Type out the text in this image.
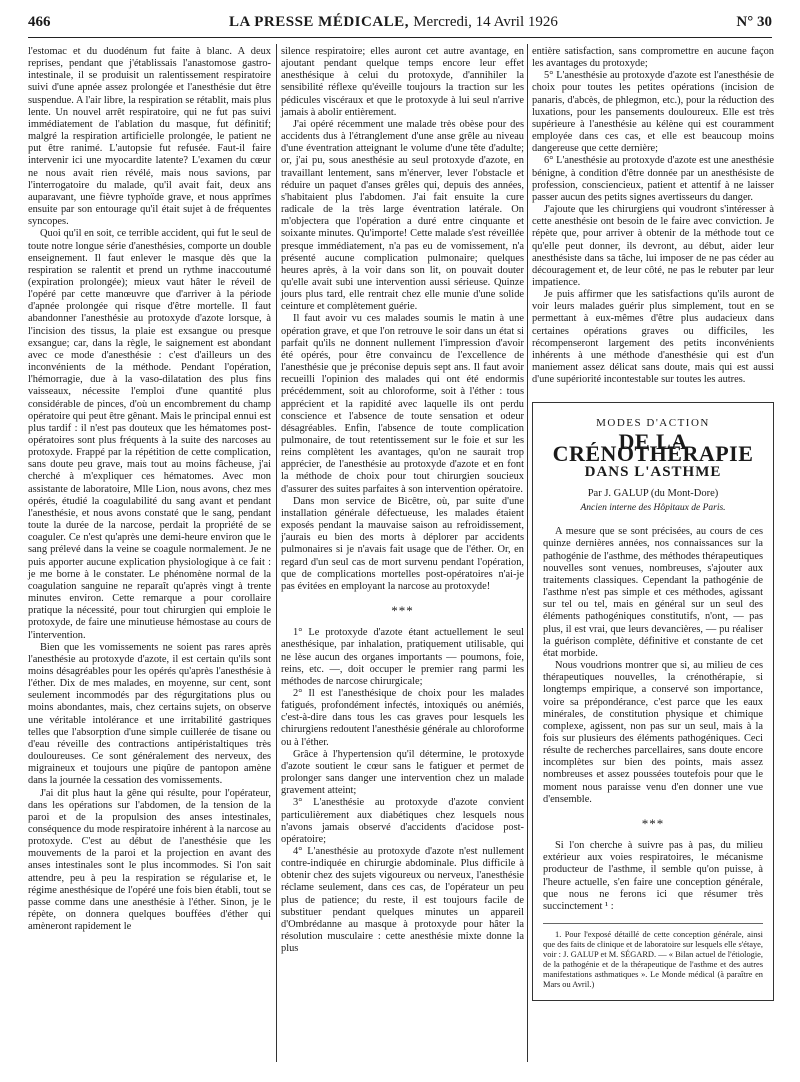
466	LA PRESSE MÉDICALE, Mercredi, 14 Avril 1926	N° 30

l'estomac et du duodénum fut faite à blanc. A deux reprises, pendant que j'établissais l'anastomose gastro-intestinale, il se produisit un ralentissement respiratoire suivi d'une apnée assez prolongée et l'anesthésie dut être suspendue. A l'air libre, la respiration se rétablit, mais plus lente. Un nouvel arrêt respiratoire, qui ne fut pas suivi immédiatement de l'ablation du masque, fut définitif; malgré la respiration artificielle prolongée, le patient ne put être ranimé. L'autopsie fut refusée. Faut-il faire intervenir ici une myocardite latente? L'examen du cœur ne nous avait rien révélé, mais nous savions, par l'interrogatoire du malade, qu'il avait fait, deux ans auparavant, une fièvre typhoïde grave, et nous apprîmes ensuite par son entourage qu'il était sujet à de fréquentes syncopes.

Quoi qu'il en soit, ce terrible accident, qui fut le seul de toute notre longue série d'anesthésies, comporte un double enseignement. Il faut enlever le masque dès que la respiration se ralentit et prend un rythme inaccoutumé (expiration prolongée); mieux vaut hâter le réveil de l'opéré par cette manœuvre que d'arriver à la période d'apnée prolongée qui risque d'être mortelle. Il faut abandonner l'anesthésie au protoxyde d'azote lorsque, à l'incision des tissus, la plaie est exsangue ou presque exsangue; car, dans la règle, le saignement est abondant avec ce mode d'anesthésie : c'est d'ailleurs un des inconvénients de la méthode. Pendant l'opération, l'hémorragie, due à la vaso-dilatation des plus fins vaisseaux, nécessite l'emploi d'une quantité plus considérable de pinces, d'où un encombrement du champ opératoire qui peut être gênant. Mais le principal ennui est plus tardif : il n'est pas douteux que les hématomes post-opératoires sont plus fréquents à la suite des narcoses au protoxyde. Frappé par la répétition de cette complication, sans doute peu grave, mais tout au moins fâcheuse, j'ai cherché à m'expliquer ces hématomes. Avec mon assistante de laboratoire, Mlle Lion, nous avons, chez mes opérés, étudié la coagulabilité du sang avant et pendant l'anesthésie, et nous avons constaté que le sang, pendant toute la durée de la narcose, perdait la propriété de se coaguler. Ce n'est qu'après une demi-heure environ que le sang prélevé dans la veine se coagule normalement. Je ne puis apporter aucune explication physiologique à ce fait : je me borne à le constater. Le phénomène normal de la coagulation sanguine ne reparaît qu'après vingt à trente minutes environ. Cette remarque a pour corollaire pratique la nécessité, pour tout chirurgien qui emploie le protoxyde, de faire une minutieuse hémostase au cours de l'intervention.

Bien que les vomissements ne soient pas rares après l'anesthésie au protoxyde d'azote, il est certain qu'ils sont moins désagréables pour les opérés qu'après l'anesthésie à l'éther. Dix de mes malades, en moyenne, sur cent, sont seulement incommodés par des régurgitations plus ou moins abondantes, mais, chez certains sujets, on observe une véritable intolérance et une irritabilité gastriques telles que l'absorption d'une simple cuillerée de tisane ou d'eau réveille des contractions antipéristaltiques très douloureuses. Ce sont généralement des nerveux, des migraineux et toujours une piqûre de pantopon amène dans la journée la cessation des vomissements.

J'ai dit plus haut la gêne qui résulte, pour l'opérateur, dans les opérations sur l'abdomen, de la tension de la paroi et de la propulsion des anses intestinales, conséquence du mode respiratoire inhérent à la narcose au protoxyde. C'est au début de l'anesthésie que les mouvements de la paroi et la projection en avant des anses intestinales sont le plus incommodes. Si l'on sait attendre, peu à peu la respiration se régularise et, le régime anesthésique de l'opéré une fois bien établi, tout se passe comme dans une anesthésie à l'éther. Sinon, je le répète, on donnera quelques bouffées d'éther qui amèneront rapidement le

silence respiratoire; elles auront cet autre avantage, en ajoutant pendant quelque temps encore leur effet anesthésique à celui du protoxyde, d'annihiler la sensibilité réflexe qu'éveille toujours la traction sur les pédicules viscéraux et que le protoxyde à lui seul n'arrive jamais à abolir entièrement.

J'ai opéré récemment une malade très obèse pour des accidents dus à l'étranglement d'une anse grêle au niveau d'une éventration atteignant le volume d'une tête d'adulte; or, j'ai pu, sous anesthésie au seul protoxyde d'azote, en travaillant lentement, sans m'énerver, lever l'obstacle et réduire un paquet d'anses grêles qui, depuis des années, s'habitaient plus l'abdomen. J'ai fait ensuite la cure radicale de la très large éventration latérale. On m'objectera que l'opération a duré entre cinquante et soixante minutes. Qu'importe! Cette malade s'est réveillée presque immédiatement, n'a pas eu de vomissement, n'a présenté aucune complication pulmonaire; quelques heures après, à la voir dans son lit, on pouvait douter qu'elle avait subi une intervention aussi sérieuse. Quinze jours plus tard, elle rentrait chez elle munie d'une solide ceinture et complètement guérie.

Il faut avoir vu ces malades soumis le matin à une opération grave, et que l'on retrouve le soir dans un état si parfait qu'ils ne donnent nullement l'impression d'avoir été opérés, pour être convaincu de l'excellence de l'anesthésie que je préconise depuis sept ans. Il faut avoir recueilli l'opinion des malades qui ont été endormis précédemment, soit au chloroforme, soit à l'éther : tous apprécient et la rapidité avec laquelle ils ont perdu conscience et l'absence de toute sensation et odeur désagréables. Enfin, l'absence de toute complication pulmonaire, de tout retentissement sur le foie et sur les reins complètent les avantages, qu'on ne saurait trop apprécier, de l'anesthésie au protoxyde d'azote et en font la méthode de choix pour tout chirurgien soucieux d'assurer des suites parfaites à son intervention opératoire.

Dans mon service de Bicêtre, où, par suite d'une installation générale défectueuse, les malades étaient exposés pendant la mauvaise saison au refroidissement, j'aurais eu bien des morts à déplorer par accidents pulmonaires si je n'avais fait usage que de l'éther. Or, en regard d'un seul cas de mort survenu pendant l'opération, que de complications mortelles post-opératoires n'ai-je pas évitées en employant la narcose au protoxyde!

***

1° Le protoxyde d'azote étant actuellement le seul anesthésique, par inhalation, pratiquement utilisable, qui ne lèse aucun des organes importants — poumons, foie, reins, etc. —, doit occuper le premier rang parmi les méthodes de narcose chirurgicale;

2° Il est l'anesthésique de choix pour les malades fatigués, profondément infectés, intoxiqués ou anémiés, c'est-à-dire dans tous les cas graves pour lesquels les chirurgiens redoutent l'anesthésie générale au chloroforme ou à l'éther.

Grâce à l'hypertension qu'il détermine, le protoxyde d'azote soutient le cœur sans le fatiguer et permet de prolonger sans danger une intervention chez un malade gravement atteint;

3° L'anesthésie au protoxyde d'azote convient particulièrement aux diabétiques chez lesquels nous n'avons jamais observé d'accidents d'acidose post-opératoire;

4° L'anesthésie au protoxyde d'azote n'est nullement contre-indiquée en chirurgie abdominale. Plus difficile à obtenir chez des sujets vigoureux ou nerveux, l'anesthésie réclame seulement, dans ces cas, de l'opérateur un peu plus de patience; du reste, il est toujours facile de substituer pendant quelques minutes un appareil d'Ombrédanne au masque à protoxyde pour hâter la résolution musculaire : cette anesthésie mixte donne la plus

entière satisfaction, sans compromettre en aucune façon les avantages du protoxyde;

5° L'anesthésie au protoxyde d'azote est l'anesthésie de choix pour toutes les petites opérations (incision de panaris, d'abcès, de phlegmon, etc.), pour la réduction des luxations, pour les pansements douloureux. Elle est très supérieure à l'anesthésie au kélène qui est couramment employée dans ces cas, et elle est beaucoup moins dangereuse que cette dernière;

6° L'anesthésie au protoxyde d'azote est une anesthésie bénigne, à condition d'être donnée par un anesthésiste de profession, consciencieux, patient et attentif à ne laisser passer aucun des petits signes avertisseurs du danger.

J'ajoute que les chirurgiens qui voudront s'intéresser à cette anesthésie ont besoin de le faire avec conviction. Je répète que, pour arriver à obtenir de la méthode tout ce qu'elle peut donner, ils devront, au début, aider leur anesthésiste dans sa tâche, lui imposer de ne pas céder au découragement et, de leur côté, ne pas le rebuter par leur impatience.

Je puis affirmer que les satisfactions qu'ils auront de voir leurs malades guérir plus simplement, tout en se permettant à eux-mêmes d'être plus audacieux dans certaines opérations graves ou difficiles, les récompenseront largement des petits inconvénients inhérents à une méthode d'anesthésie qui est d'un maniement assez délicat sans doute, mais qui est aussi d'une supériorité incontestable sur toutes les autres.

MODES D'ACTION
DE LA CRÉNOTHÉRAPIE
DANS L'ASTHME
Par J. GALUP (du Mont-Dore)
Ancien interne des Hôpitaux de Paris.

A mesure que se sont précisées, au cours de ces quinze dernières années, nos connaissances sur la pathogénie de l'asthme, des méthodes thérapeutiques nouvelles sont venues, nombreuses, s'ajouter aux traitements classiques. Cependant la pathogénie de l'asthme n'est pas simple et ces méthodes, agissant sur tel ou tel, mais en général sur un seul des éléments pathogéniques constitutifs, n'ont, — pas plus, il est vrai, que leurs devancières, — pu réaliser la guérison complète, définitive et constante de cet état morbide.

Nous voudrions montrer que si, au milieu de ces thérapeutiques nouvelles, la crénothérapie, si longtemps empirique, a conservé son importance, voire sa prépondérance, c'est parce que les eaux minérales, de constitution physique et chimique complexe, agissent, non pas sur un seul, mais à la fois sur plusieurs des éléments pathogéniques. Ceci résulte de recherches parcellaires, sans doute encore incomplètes sur bien des points, mais assez nombreuses et assez poussées toutefois pour que le moment nous paraisse venu d'en donner une vue d'ensemble.

***

Si l'on cherche à suivre pas à pas, du milieu extérieur aux voies respiratoires, le mécanisme producteur de l'asthme, il semble qu'on puisse, à l'heure actuelle, s'en faire une conception générale, que nous ne ferons ici que résumer très succinctement ¹ :

1. Pour l'exposé détaillé de cette conception générale, ainsi que des faits de clinique et de laboratoire sur lesquels elle s'étaye, voir : J. GALUP et M. SÉGARD. — « Bilan actuel de l'étiologie, de la pathogénie et de la thérapeutique de l'asthme et des autres manifestations asthmatiques ». Le Monde médical (à paraître en Mars ou Avril.)
